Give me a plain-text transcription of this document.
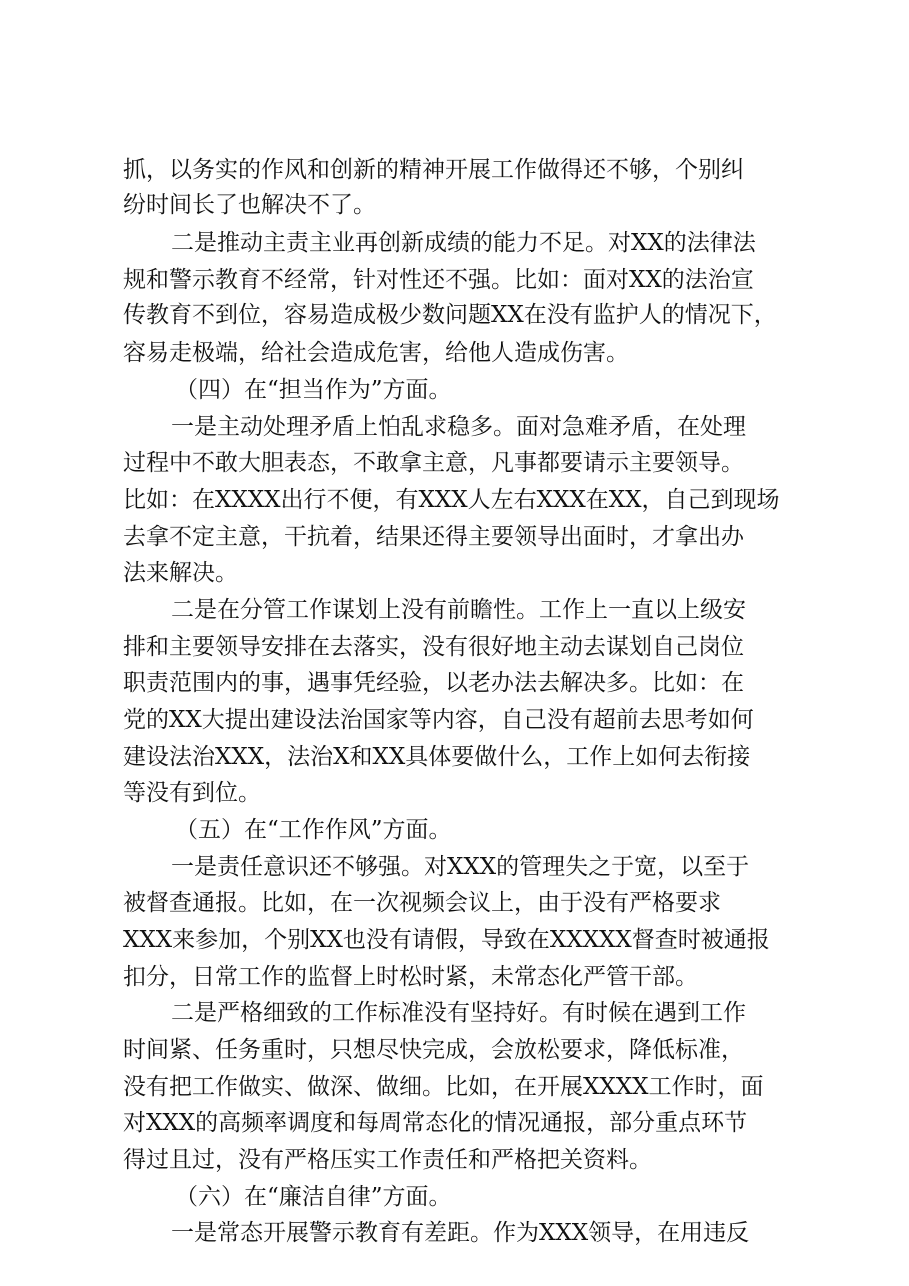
抓，以务实的作风和创新的精神开展工作做得还不够，个别纠
纷时间长了也解决不了。
二是推动主责主业再创新成绩的能力不足。对XX的法律法
规和警示教育不经常，针对性还不强。比如：面对XX的法治宣
传教育不到位，容易造成极少数问题XX在没有监护人的情况下，
容易走极端，给社会造成危害，给他人造成伤害。
（四）在“担当作为”方面。
一是主动处理矛盾上怕乱求稳多。面对急难矛盾，在处理
过程中不敢大胆表态，不敢拿主意，凡事都要请示主要领导。
比如：在XXXX出行不便，有XXX人左右XXX在XX，自己到现场
去拿不定主意，干抗着，结果还得主要领导出面时，才拿出办
法来解决。
二是在分管工作谋划上没有前瞻性。工作上一直以上级安
排和主要领导安排在去落实，没有很好地主动去谋划自己岗位
职责范围内的事，遇事凭经验，以老办法去解决多。比如：在
党的XX大提出建设法治国家等内容，自己没有超前去思考如何
建设法治XXX，法治X和XX具体要做什么，工作上如何去衔接
等没有到位。
（五）在“工作作风”方面。
一是责任意识还不够强。对XXX的管理失之于宽，以至于
被督查通报。比如，在一次视频会议上，由于没有严格要求
XXX来参加，个别XX也没有请假，导致在XXXXX督查时被通报
扣分，日常工作的监督上时松时紧，未常态化严管干部。
二是严格细致的工作标准没有坚持好。有时候在遇到工作
时间紧、任务重时，只想尽快完成，会放松要求，降低标准，
没有把工作做实、做深、做细。比如，在开展XXXX工作时，面
对XXX的高频率调度和每周常态化的情况通报，部分重点环节
得过且过，没有严格压实工作责任和严格把关资料。
（六）在“廉洁自律”方面。
一是常态开展警示教育有差距。作为XXX领导，在用违反
